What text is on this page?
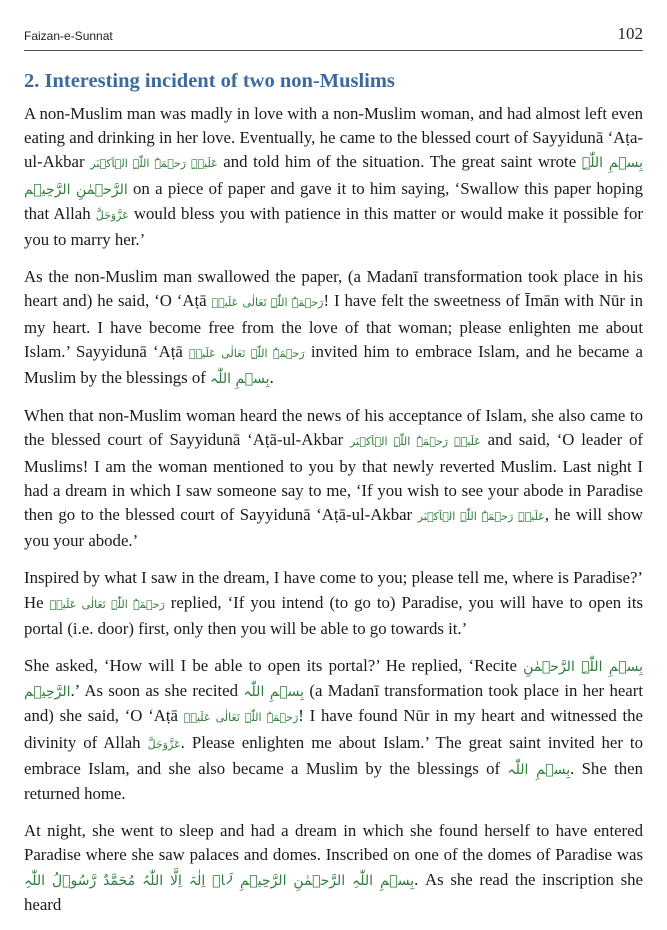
Faizan-e-Sunnat	102
2. Interesting incident of two non-Muslims

A non-Muslim man was madly in love with a non-Muslim woman, and had almost left even eating and drinking in her love. Eventually, he came to the blessed court of Sayyidunā ‘Aṭa-ul-Akbar عَلَیۡہِ رَحۡمَۃُ اللّٰہِ الۡاَکۡبَر and told him of the situation. The great saint wrote بِسۡمِ اللّٰہِ الرَّحۡمٰنِ الرَّحِیۡم on a piece of paper and gave it to him saying, ‘Swallow this paper hoping that Allah عَزَّوَجَلَّ would bless you with patience in this matter or would make it possible for you to marry her.’

As the non-Muslim man swallowed the paper, (a Madanī transformation took place in his heart and) he said, ‘O ‘Aṭā رَحۡمَۃُ اللّٰہِ تَعَالٰی عَلَیۡہ! I have felt the sweetness of Īmān with Nūr in my heart. I have become free from the love of that woman; please enlighten me about Islam.’ Sayyidunā ‘Aṭā رَحۡمَۃُ اللّٰہِ تَعَالٰی عَلَیۡہ invited him to embrace Islam, and he became a Muslim by the blessings of بِسۡمِ اللّٰہ.

When that non-Muslim woman heard the news of his acceptance of Islam, she also came to the blessed court of Sayyidunā ‘Aṭā-ul-Akbar عَلَیۡہِ رَحۡمَۃُ اللّٰہِ الۡاَکۡبَر and said, ‘O leader of Muslims! I am the woman mentioned to you by that newly reverted Muslim. Last night I had a dream in which I saw someone say to me, ‘If you wish to see your abode in Paradise then go to the blessed court of Sayyidunā ‘Aṭā-ul-Akbar عَلَیۡہِ رَحۡمَۃُ اللّٰہِ الۡاَکۡبَر, he will show you your abode.’

Inspired by what I saw in the dream, I have come to you; please tell me, where is Paradise?’ He رَحۡمَۃُ اللّٰہِ تَعَالٰی عَلَیۡہ replied, ‘If you intend (to go to) Paradise, you will have to open its portal (i.e. door) first, only then you will be able to go towards it.’

She asked, ‘How will I be able to open its portal?’ He replied, ‘Recite بِسۡمِ اللّٰہِ الرَّحۡمٰنِ الرَّحِیۡم.’ As soon as she recited بِسۡمِ اللّٰہ (a Madanī transformation took place in her heart and) she said, ‘O ‘Aṭā رَحۡمَۃُ اللّٰہِ تَعَالٰی عَلَیۡہ! I have found Nūr in my heart and witnessed the divinity of Allah عَزَّوَجَلَّ. Please enlighten me about Islam.’ The great saint invited her to embrace Islam, and she also became a Muslim by the blessings of بِسۡمِ اللّٰہ. She then returned home.

At night, she went to sleep and had a dream in which she found herself to have entered Paradise where she saw palaces and domes. Inscribed on one of the domes of Paradise was بِسۡمِ اللّٰہِ الرَّحۡمٰنِ الرَّحِیۡمِ لَاۤ اِلٰہَ اِلَّا اللّٰہُ مُحَمَّدٌ رَّسُوۡلُ اللّٰہِ. As she read the inscription she heard
